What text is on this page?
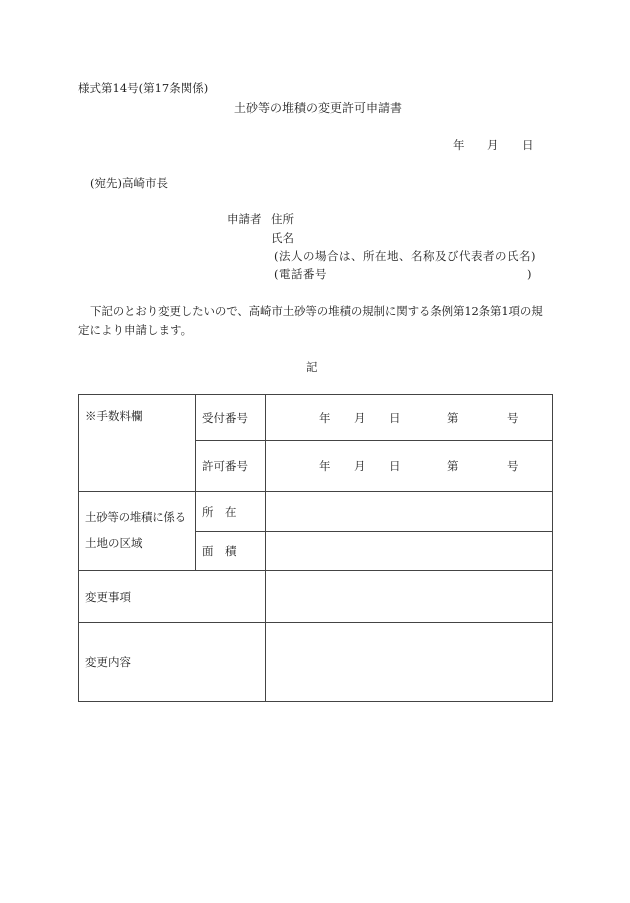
様式第14号(第17条関係)
土砂等の堆積の変更許可申請書
年 月 日
(宛先)高崎市長
申請者 住所
氏名
(法人の場合は、所在地、名称及び代表者の氏名)
(電話番号	)
下記のとおり変更したいので、高崎市土砂等の堆積の規制に関する条例第12条第1項の規
定により申請します。
記
※手数料欄	受付番号	年 月 日 第 号

	許可番号	年 月 日 第 号

土砂等の堆積に係る
土地の区域	所　在	
	面　積	
変更事項		
変更内容		
